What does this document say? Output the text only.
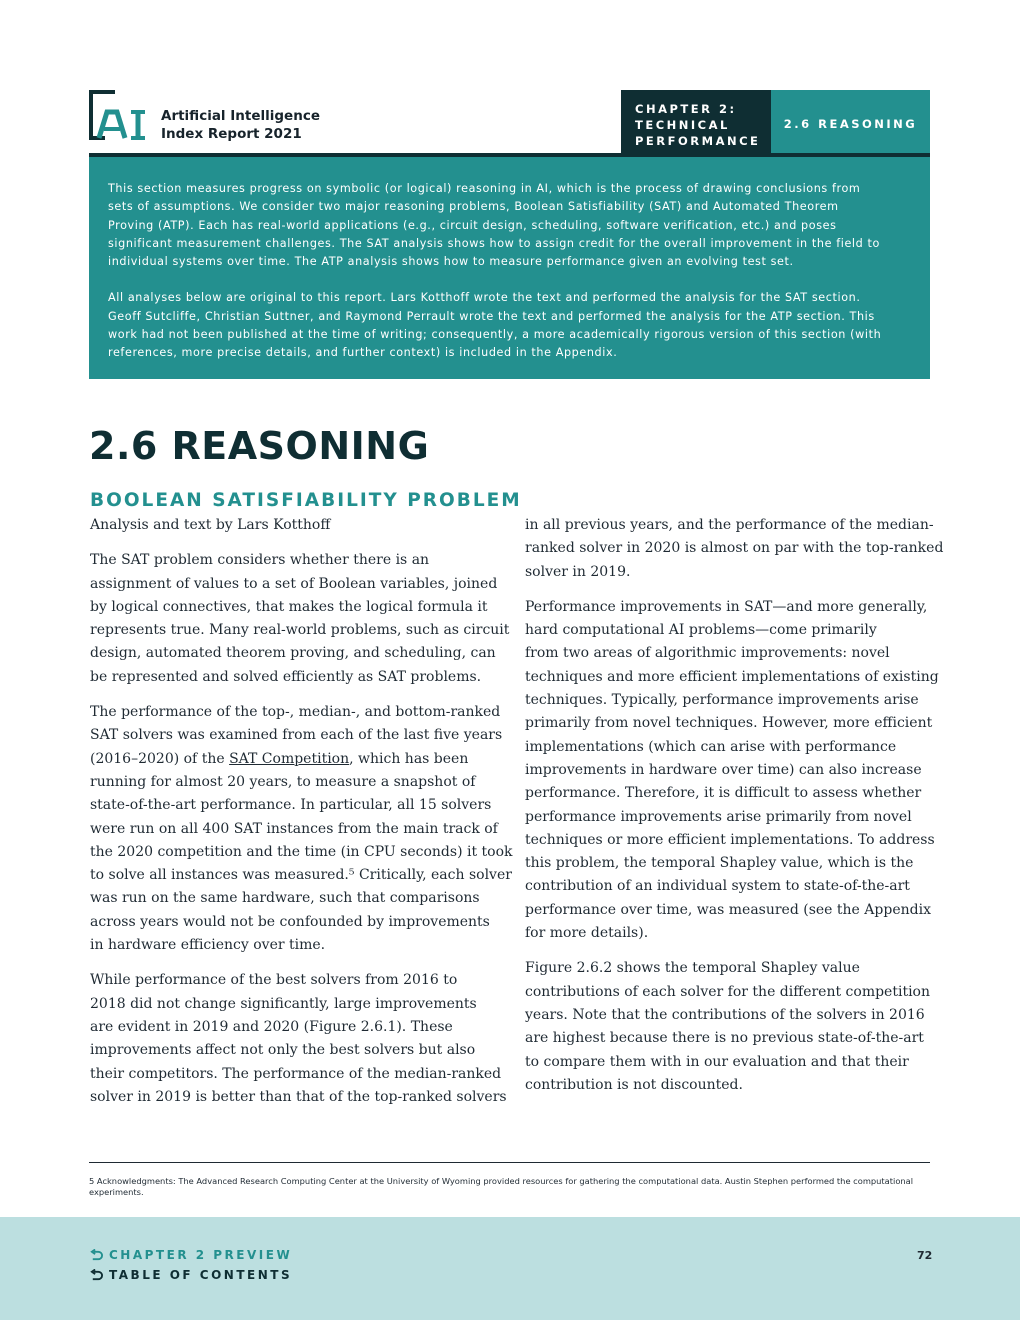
Artificial Intelligence
Index Report 2021
CHAPTER 2:
TECHNICAL
PERFORMANCE
2.6 REASONING

This section measures progress on symbolic (or logical) reasoning in AI, which is the process of drawing conclusions from
sets of assumptions. We consider two major reasoning problems, Boolean Satisfiability (SAT) and Automated Theorem
Proving (ATP). Each has real-world applications (e.g., circuit design, scheduling, software verification, etc.) and poses
significant measurement challenges. The SAT analysis shows how to assign credit for the overall improvement in the field to
individual systems over time. The ATP analysis shows how to measure performance given an evolving test set.

All analyses below are original to this report. Lars Kotthoff wrote the text and performed the analysis for the SAT section.
Geoff Sutcliffe, Christian Suttner, and Raymond Perrault wrote the text and performed the analysis for the ATP section. This
work had not been published at the time of writing; consequently, a more academically rigorous version of this section (with
references, more precise details, and further context) is included in the Appendix.

2.6 REASONING
BOOLEAN SATISFIABILITY PROBLEM

Analysis and text by Lars Kotthoff

The SAT problem considers whether there is an
assignment of values to a set of Boolean variables, joined
by logical connectives, that makes the logical formula it
represents true. Many real-world problems, such as circuit
design, automated theorem proving, and scheduling, can
be represented and solved efficiently as SAT problems.

The performance of the top-, median-, and bottom-ranked
SAT solvers was examined from each of the last five years
(2016–2020) of the SAT Competition, which has been
running for almost 20 years, to measure a snapshot of
state-of-the-art performance. In particular, all 15 solvers
were run on all 400 SAT instances from the main track of
the 2020 competition and the time (in CPU seconds) it took
to solve all instances was measured.⁵ Critically, each solver
was run on the same hardware, such that comparisons
across years would not be confounded by improvements
in hardware efficiency over time.

While performance of the best solvers from 2016 to
2018 did not change significantly, large improvements
are evident in 2019 and 2020 (Figure 2.6.1). These
improvements affect not only the best solvers but also
their competitors. The performance of the median-ranked
solver in 2019 is better than that of the top-ranked solvers

in all previous years, and the performance of the median-
ranked solver in 2020 is almost on par with the top-ranked
solver in 2019.

Performance improvements in SAT—and more generally,
hard computational AI problems—come primarily
from two areas of algorithmic improvements: novel
techniques and more efficient implementations of existing
techniques. Typically, performance improvements arise
primarily from novel techniques. However, more efficient
implementations (which can arise with performance
improvements in hardware over time) can also increase
performance. Therefore, it is difficult to assess whether
performance improvements arise primarily from novel
techniques or more efficient implementations. To address
this problem, the temporal Shapley value, which is the
contribution of an individual system to state-of-the-art
performance over time, was measured (see the Appendix
for more details).

Figure 2.6.2 shows the temporal Shapley value
contributions of each solver for the different competition
years. Note that the contributions of the solvers in 2016
are highest because there is no previous state-of-the-art
to compare them with in our evaluation and that their
contribution is not discounted.

5 Acknowledgments: The Advanced Research Computing Center at the University of Wyoming provided resources for gathering the computational data. Austin Stephen performed the computational
experiments.
CHAPTER 2 PREVIEW
TABLE OF CONTENTS
72
